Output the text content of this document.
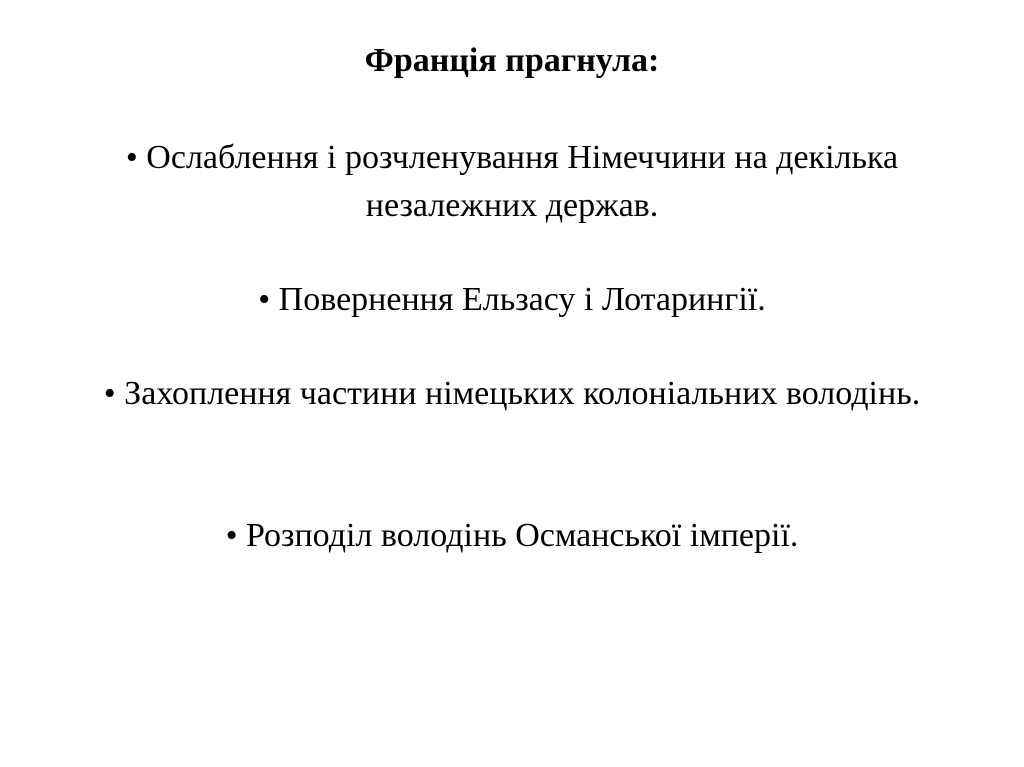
Франція прагнула:

• Ослаблення і розчленування Німеччини на декілька незалежних держав.

• Повернення Ельзасу і Лотарингії.

• Захоплення частини німецьких колоніальних володінь.

• Розподіл володінь Османської імперії.
